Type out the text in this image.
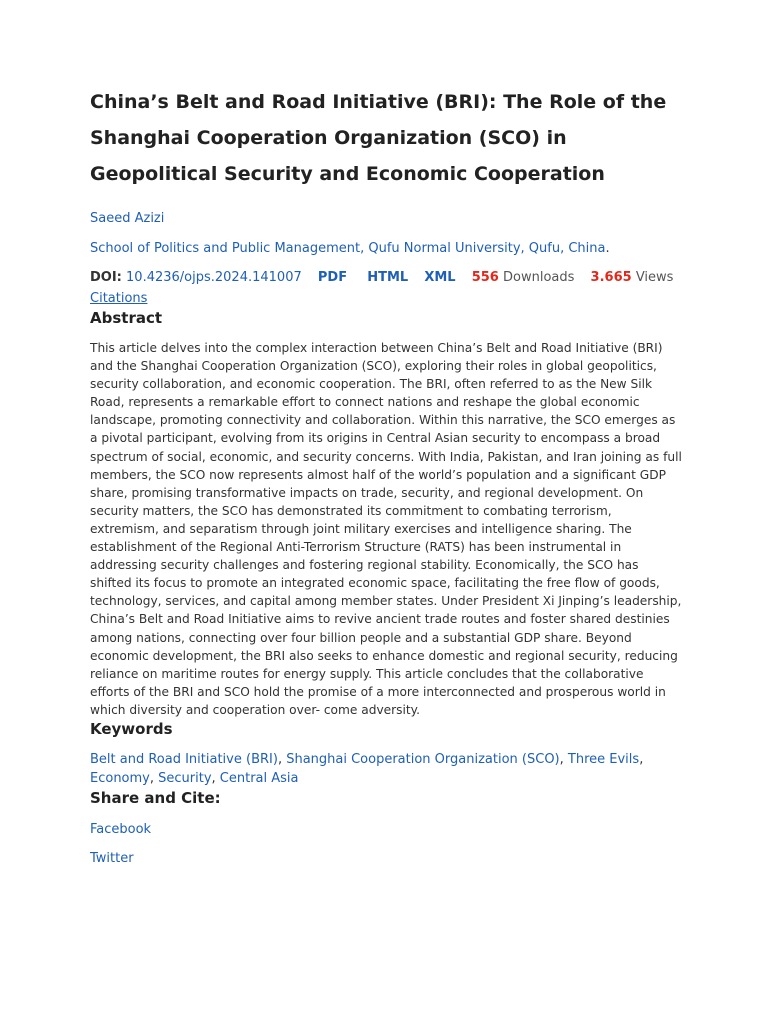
China’s Belt and Road Initiative (BRI): The Role of the
Shanghai Cooperation Organization (SCO) in
Geopolitical Security and Economic Cooperation
Saeed Azizi
School of Politics and Public Management, Qufu Normal University, Qufu, China.
DOI: 10.4236/ojps.2024.141007 PDF HTML XML 556 Downloads 3.665 Views
Citations
Abstract
This article delves into the complex interaction between China’s Belt and Road Initiative (BRI) and the Shanghai Cooperation Organization (SCO), exploring their roles in global geopolitics, security collaboration, and economic cooperation. The BRI, often referred to as the New Silk Road, represents a remarkable effort to connect nations and reshape the global economic landscape, promoting connectivity and collaboration. Within this narrative, the SCO emerges as a pivotal participant, evolving from its origins in Central Asian security to encompass a broad spectrum of social, economic, and security concerns. With India, Pakistan, and Iran joining as full members, the SCO now represents almost half of the world’s population and a significant GDP share, promising transformative impacts on trade, security, and regional development. On security matters, the SCO has demonstrated its commitment to combating terrorism, extremism, and separatism through joint military exercises and intelligence sharing. The establishment of the Regional Anti-Terrorism Structure (RATS) has been instrumental in addressing security challenges and fostering regional stability. Economically, the SCO has shifted its focus to promote an integrated economic space, facilitating the free flow of goods, technology, services, and capital among member states. Under President Xi Jinping’s leadership, China’s Belt and Road Initiative aims to revive ancient trade routes and foster shared destinies among nations, connecting over four billion people and a substantial GDP share. Beyond economic development, the BRI also seeks to enhance domestic and regional security, reducing reliance on maritime routes for energy supply. This article concludes that the collaborative efforts of the BRI and SCO hold the promise of a more interconnected and prosperous world in which diversity and cooperation over- come adversity.
Keywords
Belt and Road Initiative (BRI), Shanghai Cooperation Organization (SCO), Three Evils, Economy, Security, Central Asia
Share and Cite:
Facebook
Twitter
